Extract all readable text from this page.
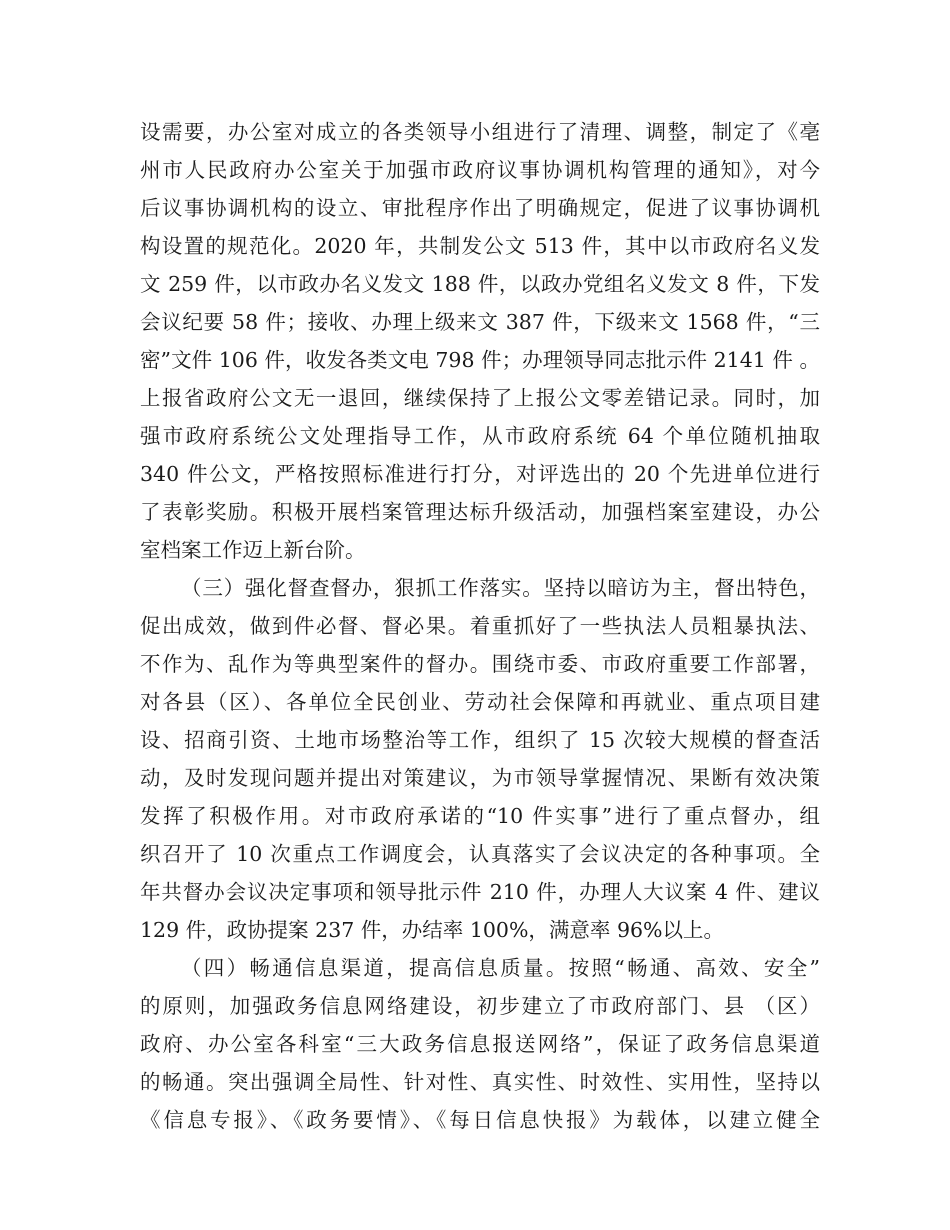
设需要，办公室对成立的各类领导小组进行了清理、调整，制定了《亳
州市人民政府办公室关于加强市政府议事协调机构管理的通知》，对今
后议事协调机构的设立、审批程序作出了明确规定，促进了议事协调机
构设置的规范化。2020 年，共制发公文 513 件，其中以市政府名义发
文 259 件，以市政办名义发文 188 件，以政办党组名义发文 8 件，下发
会议纪要 58 件；接收、办理上级来文 387 件，下级来文 1568 件，“三
密”文件 106 件，收发各类文电 798 件；办理领导同志批示件 2141 件 。
上报省政府公文无一退回，继续保持了上报公文零差错记录。同时，加
强市政府系统公文处理指导工作，从市政府系统 64 个单位随机抽取
340 件公文，严格按照标准进行打分，对评选出的 20 个先进单位进行
了表彰奖励。积极开展档案管理达标升级活动，加强档案室建设，办公
室档案工作迈上新台阶。
（三）强化督查督办，狠抓工作落实。坚持以暗访为主，督出特色，
促出成效，做到件必督、督必果。着重抓好了一些执法人员粗暴执法、
不作为、乱作为等典型案件的督办。围绕市委、市政府重要工作部署，
对各县（区）、各单位全民创业、劳动社会保障和再就业、重点项目建
设、招商引资、土地市场整治等工作，组织了 15 次较大规模的督查活
动，及时发现问题并提出对策建议，为市领导掌握情况、果断有效决策
发挥了积极作用。对市政府承诺的“10 件实事”进行了重点督办，组
织召开了 10 次重点工作调度会，认真落实了会议决定的各种事项。全
年共督办会议决定事项和领导批示件 210 件，办理人大议案 4 件、建议
129 件，政协提案 237 件，办结率 100%，满意率 96%以上。
（四）畅通信息渠道，提高信息质量。按照“畅通、高效、安全”
的原则，加强政务信息网络建设，初步建立了市政府部门、县 （区）
政府、办公室各科室“三大政务信息报送网络”，保证了政务信息渠道
的畅通。突出强调全局性、针对性、真实性、时效性、实用性，坚持以
《信息专报》、《政务要情》、《每日信息快报》为载体，以建立健全
